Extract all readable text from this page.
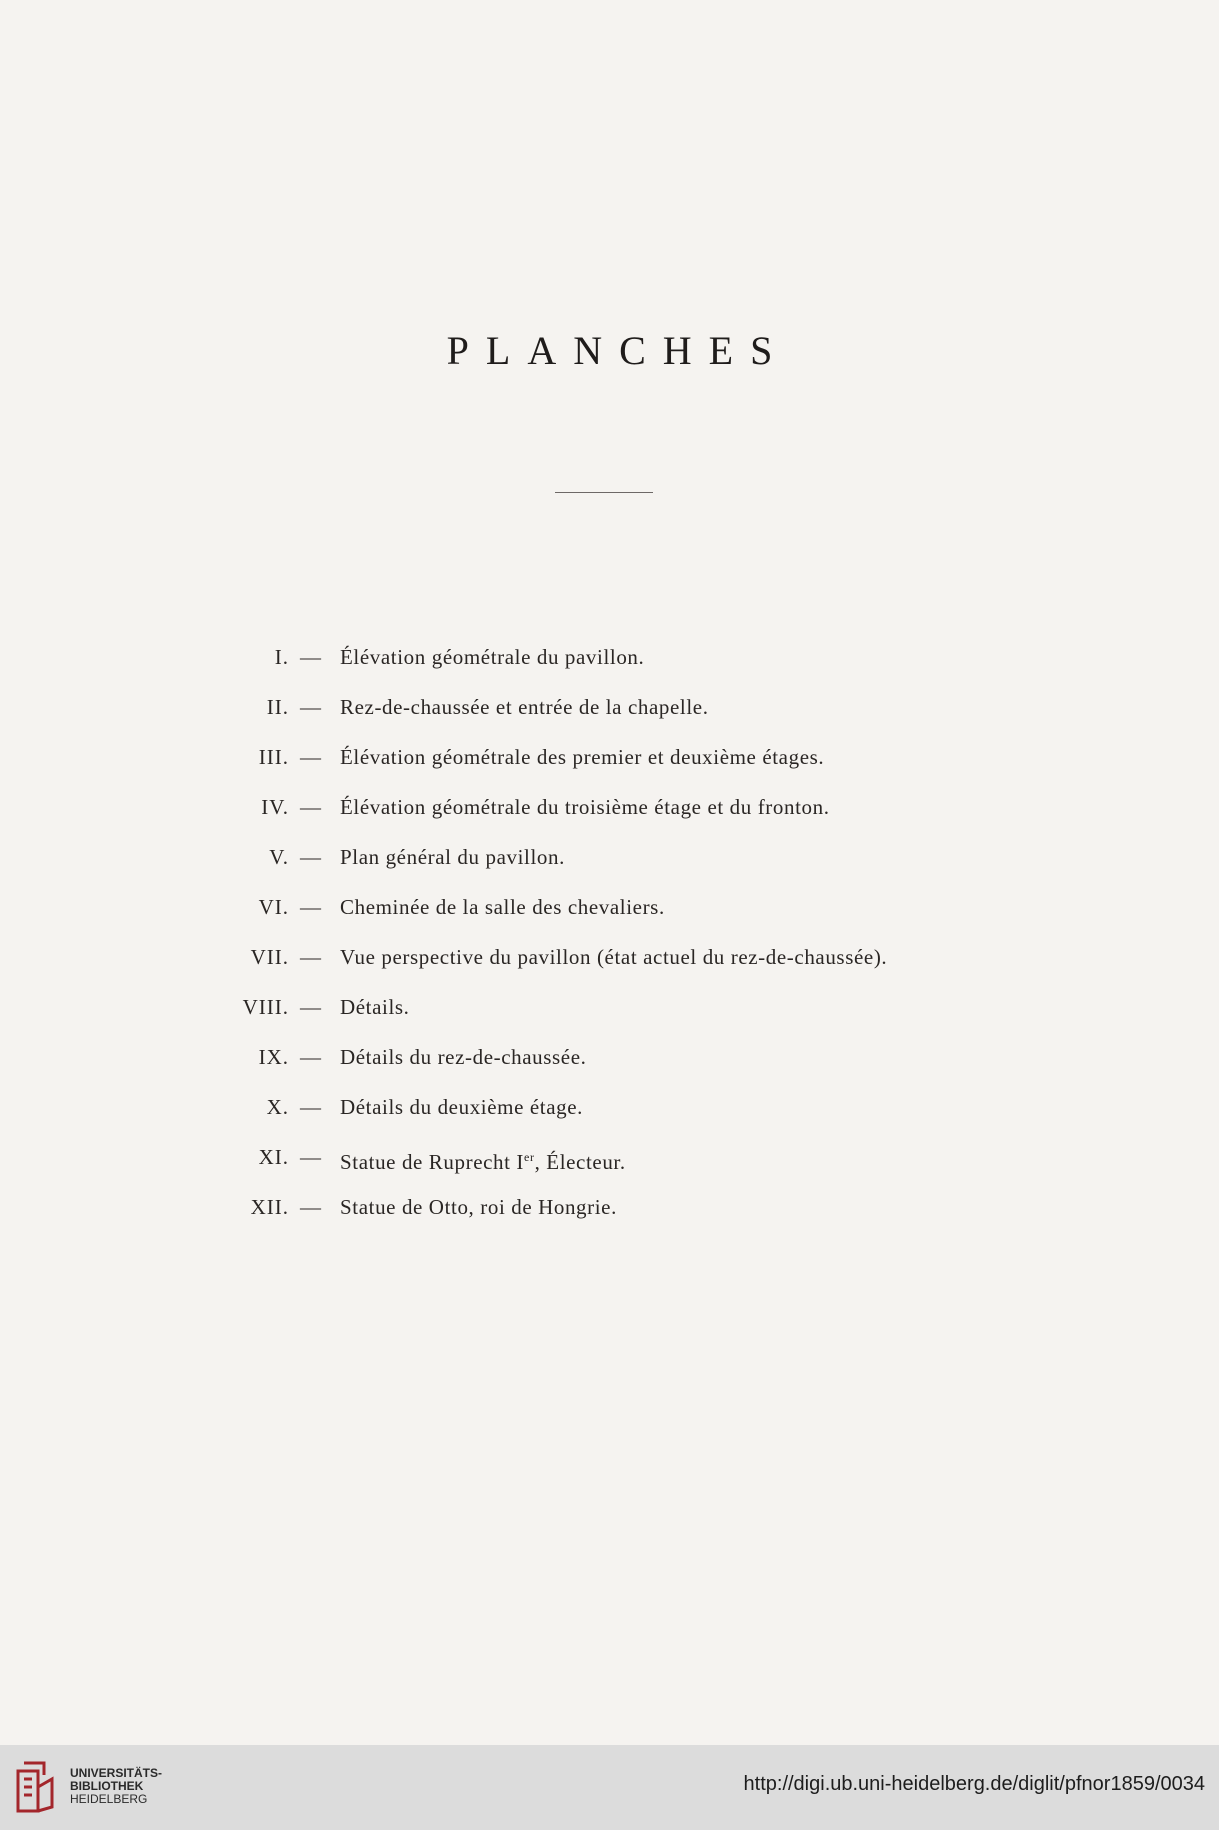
PLANCHES
I. — Élévation géométrale du pavillon.
II. — Rez-de-chaussée et entrée de la chapelle.
III. — Élévation géométrale des premier et deuxième étages.
IV. — Élévation géométrale du troisième étage et du fronton.
V. — Plan général du pavillon.
VI. — Cheminée de la salle des chevaliers.
VII. — Vue perspective du pavillon (état actuel du rez-de-chaussée).
VIII. — Détails.
IX. — Détails du rez-de-chaussée.
X. — Détails du deuxième étage.
XI. — Statue de Ruprecht Ier, Électeur.
XII. — Statue de Otto, roi de Hongrie.
UNIVERSITÄTS-
BIBLIOTHEK
HEIDELBERG
http://digi.ub.uni-heidelberg.de/diglit/pfnor1859/0034
